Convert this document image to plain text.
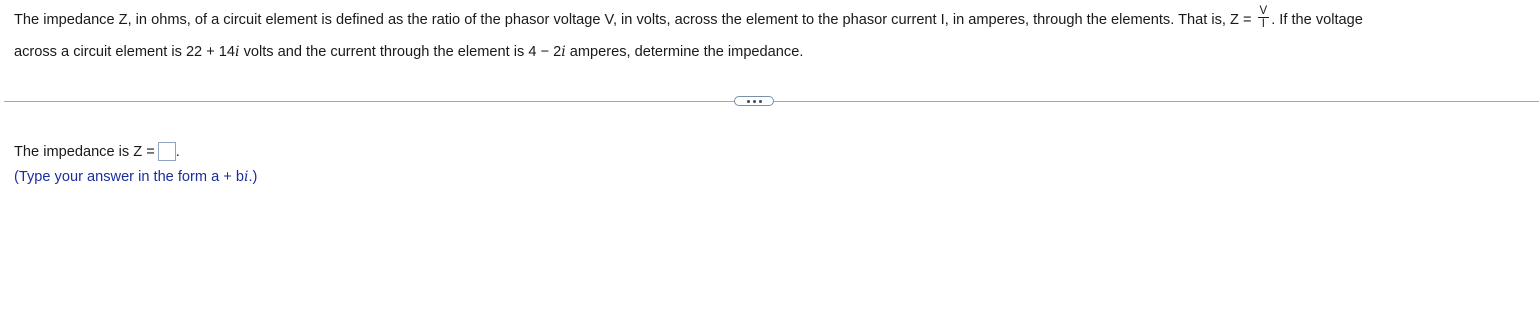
The impedance Z, in ohms, of a circuit element is defined as the ratio of the phasor voltage V, in volts, across the element to the phasor current I, in amperes, through the elements. That is, $Z = \frac{V}{I}$ . If the voltage
across a circuit element is 22 + 14i volts and the current through the element is 4 − 2i amperes, determine the impedance.
The impedance is Z = .
(Type your answer in the form a + bi.)
